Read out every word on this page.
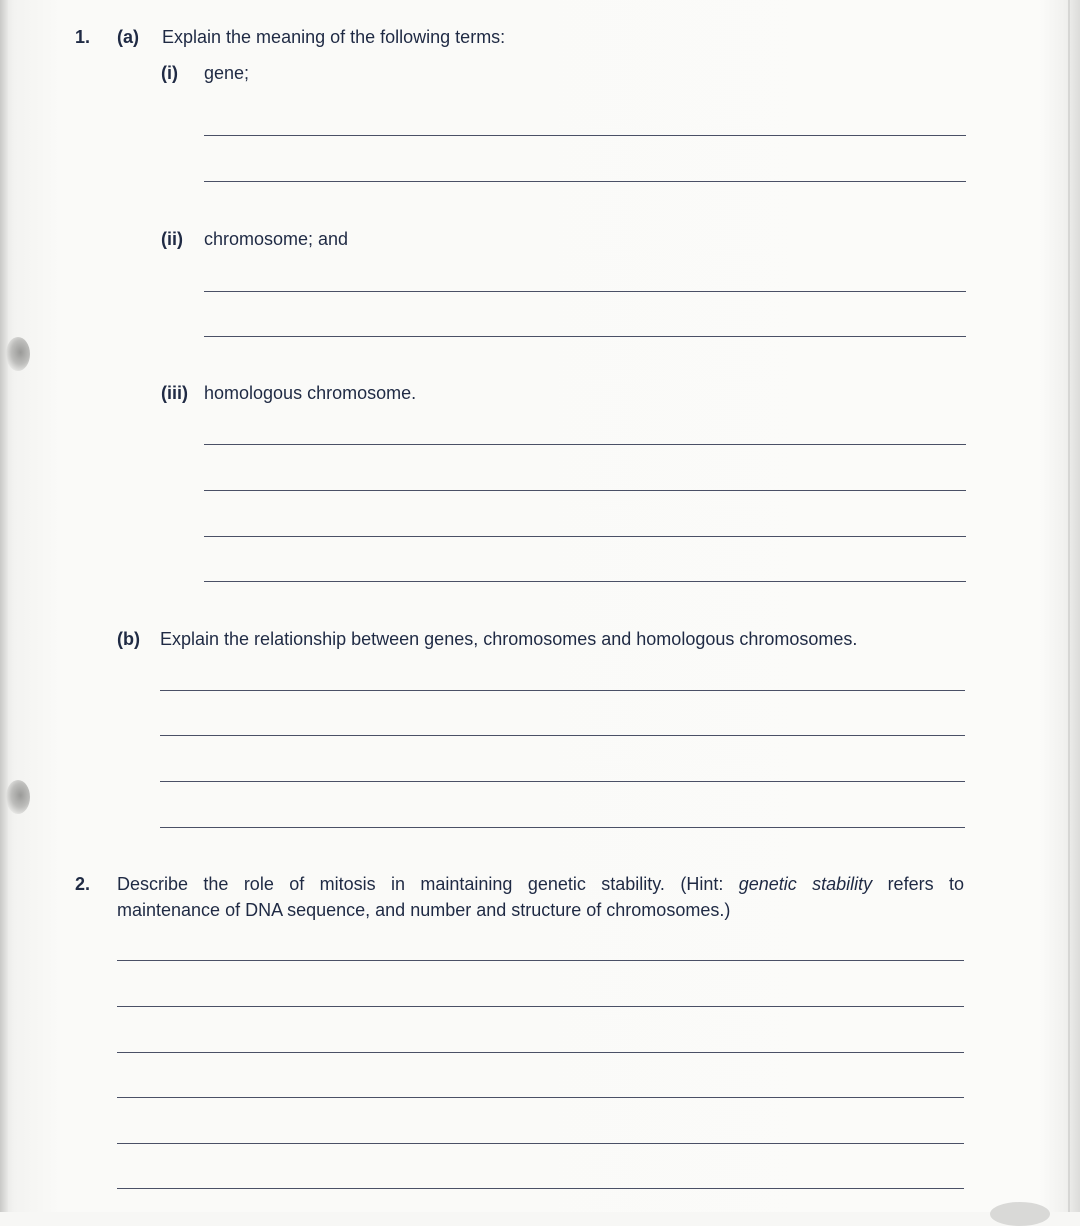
1. (a) Explain the meaning of the following terms:
(i) gene;
(ii) chromosome; and
(iii) homologous chromosome.
(b) Explain the relationship between genes, chromosomes and homologous chromosomes.
2. Describe the role of mitosis in maintaining genetic stability. (Hint: genetic stability refers to
maintenance of DNA sequence, and number and structure of chromosomes.)
